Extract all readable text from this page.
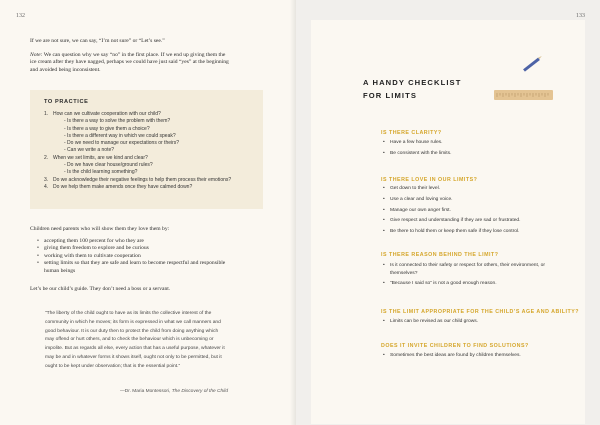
132

If we are not sure, we can say, “I’m not sure” or “Let’s see.”

Note: We can question why we say “no” in the first place. If we end up giving them the
ice cream after they have nagged, perhaps we could have just said “yes” at the beginning
and avoided being inconsistent.
TO PRACTICE
1. How can we cultivate cooperation with our child?
- Is there a way to solve the problem with them?
- Is there a way to give them a choice?
- Is there a different way in which we could speak?
- Do we need to manage our expectations or theirs?
- Can we write a note?
2. When we set limits, are we kind and clear?
- Do we have clear house/ground rules?
- Is the child learning something?
3. Do we acknowledge their negative feelings to help them process their emotions?
4. Do we help them make amends once they have calmed down?

Children need parents who will show them they love them by:

• accepting them 100 percent for who they are
• giving them freedom to explore and be curious
• working with them to cultivate cooperation
• setting limits so that they are safe and learn to become respectful and responsible
human beings

Let’s be our child’s guide. They don’t need a boss or a servant.

“The liberty of the child ought to have as its limits the collective interest of the
community in which he moves; its form is expressed in what we call manners and
good behaviour. It is our duty then to protect the child from doing anything which
may offend or hurt others, and to check the behaviour which is unbecoming or
impolite. But as regards all else, every action that has a useful purpose, whatever it
may be and in whatever forms it shows itself, ought not only to be permitted, but it
ought to be kept under observation; that is the essential point.”
—Dr. Maria Montessori, The Discovery of the Child
133
A HANDY CHECKLIST
FOR LIMITS
IS THERE CLARITY?
• Have a few house rules.
• Be consistent with the limits.
IS THERE LOVE IN OUR LIMITS?
• Get down to their level.
• Use a clear and loving voice.
• Manage our own anger first.
• Give respect and understanding if they are sad or frustrated.
• Be there to hold them or keep them safe if they lose control.
IS THERE REASON BEHIND THE LIMIT?
• Is it connected to their safety or respect for others, their environment, or
themselves?
• “Because I said so” is not a good enough reason.
IS THE LIMIT APPROPRIATE FOR THE CHILD’S AGE AND ABILITY?
• Limits can be revised as our child grows.
DOES IT INVITE CHILDREN TO FIND SOLUTIONS?
• Sometimes the best ideas are found by children themselves.
